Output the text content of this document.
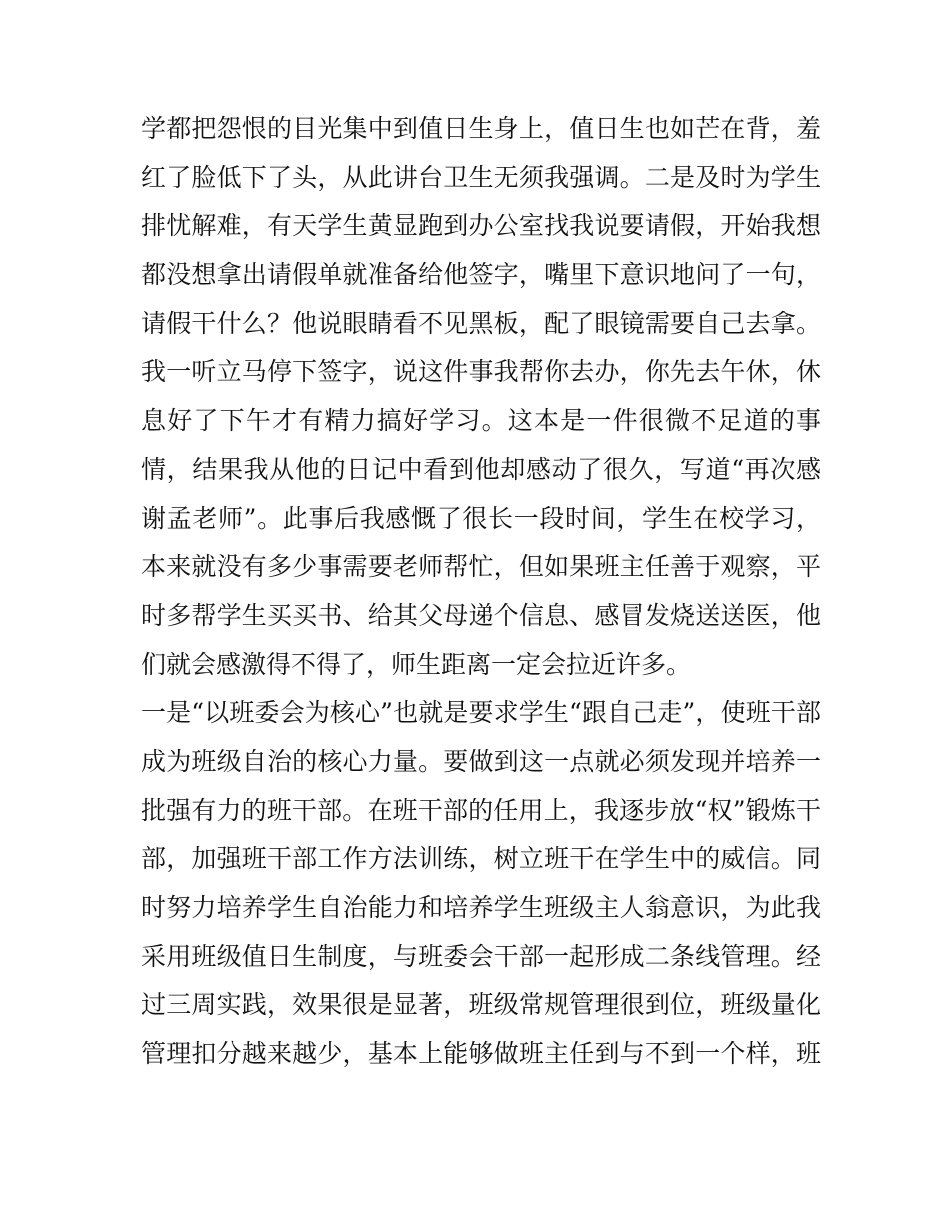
学都把怨恨的目光集中到值日生身上，值日生也如芒在背，羞
红了脸低下了头，从此讲台卫生无须我强调。二是及时为学生
排忧解难，有天学生黄显跑到办公室找我说要请假，开始我想
都没想拿出请假单就准备给他签字，嘴里下意识地问了一句，
请假干什么？他说眼睛看不见黑板，配了眼镜需要自己去拿。
我一听立马停下签字，说这件事我帮你去办，你先去午休，休
息好了下午才有精力搞好学习。这本是一件很微不足道的事
情，结果我从他的日记中看到他却感动了很久，写道“再次感
谢孟老师”。此事后我感慨了很长一段时间，学生在校学习，
本来就没有多少事需要老师帮忙，但如果班主任善于观察，平
时多帮学生买买书、给其父母递个信息、感冒发烧送送医，他
们就会感激得不得了，师生距离一定会拉近许多。
一是“以班委会为核心”也就是要求学生“跟自己走”，使班干部
成为班级自治的核心力量。要做到这一点就必须发现并培养一
批强有力的班干部。在班干部的任用上，我逐步放“权”锻炼干
部，加强班干部工作方法训练，树立班干在学生中的威信。同
时努力培养学生自治能力和培养学生班级主人翁意识，为此我
采用班级值日生制度，与班委会干部一起形成二条线管理。经
过三周实践，效果很是显著，班级常规管理很到位，班级量化
管理扣分越来越少，基本上能够做班主任到与不到一个样，班
